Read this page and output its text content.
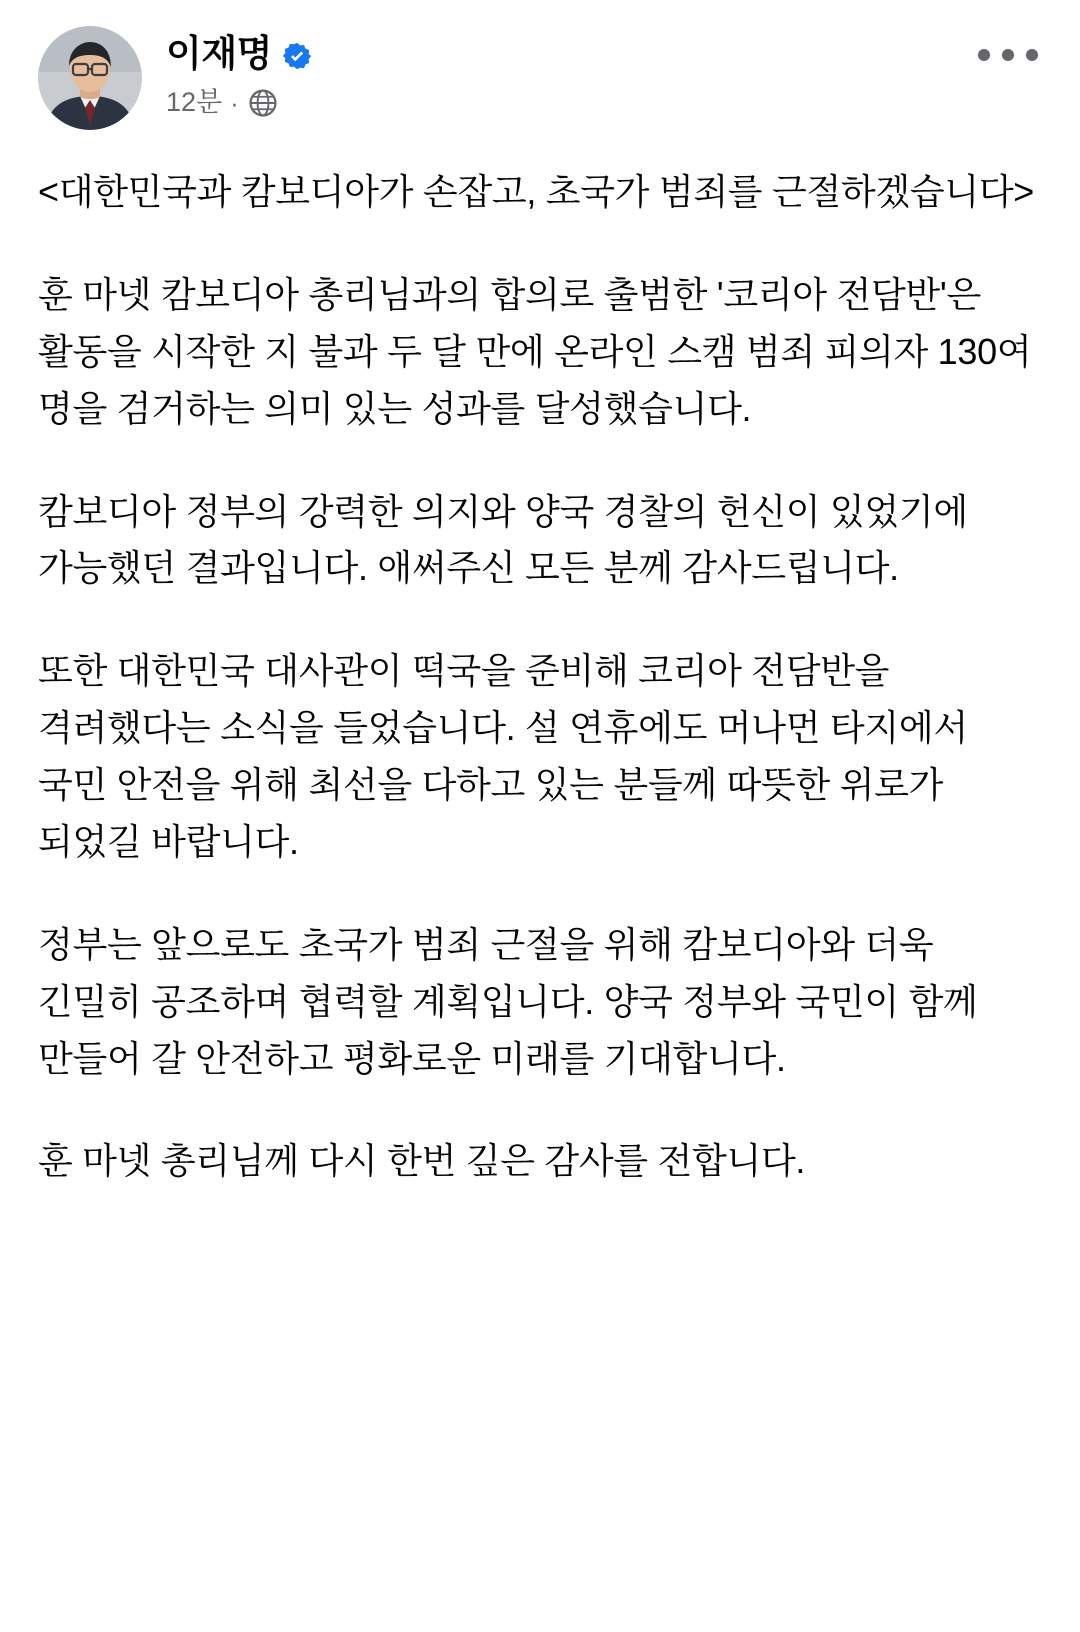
이재명
12분 ·

<대한민국과 캄보디아가 손잡고, 초국가 범죄를 근절하겠습니다>

훈 마넷 캄보디아 총리님과의 합의로 출범한 '코리아 전담반'은 활동을 시작한 지 불과 두 달 만에 온라인 스캠 범죄 피의자 130여 명을 검거하는 의미 있는 성과를 달성했습니다.

캄보디아 정부의 강력한 의지와 양국 경찰의 헌신이 있었기에 가능했던 결과입니다. 애써주신 모든 분께 감사드립니다.

또한 대한민국 대사관이 떡국을 준비해 코리아 전담반을 격려했다는 소식을 들었습니다. 설 연휴에도 머나먼 타지에서 국민 안전을 위해 최선을 다하고 있는 분들께 따뜻한 위로가 되었길 바랍니다.

정부는 앞으로도 초국가 범죄 근절을 위해 캄보디아와 더욱 긴밀히 공조하며 협력할 계획입니다. 양국 정부와 국민이 함께 만들어 갈 안전하고 평화로운 미래를 기대합니다.

훈 마넷 총리님께 다시 한번 깊은 감사를 전합니다.
